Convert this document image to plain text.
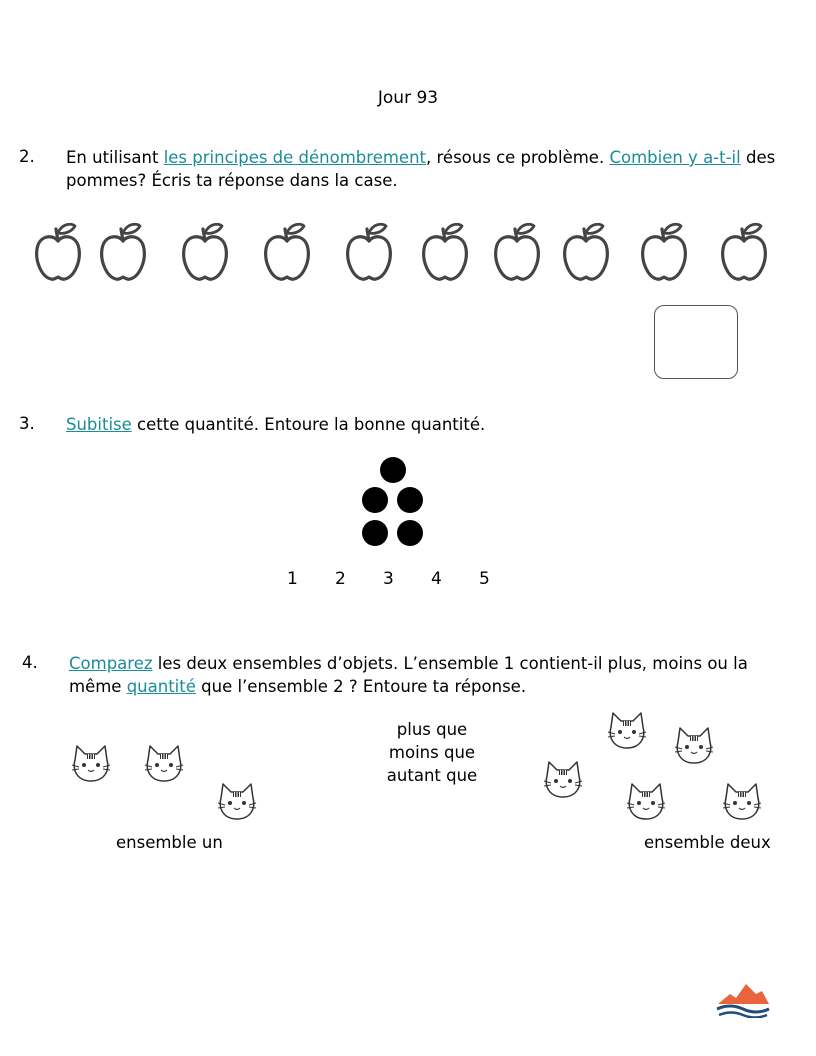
Jour 93
2. En utilisant les principes de dénombrement, résous ce problème. Combien y a-t-il des pommes? Écris ta réponse dans la case.
3. Subitise cette quantité. Entoure la bonne quantité.
1 2 3 4 5
4. Comparez les deux ensembles d’objets. L’ensemble 1 contient-il plus, moins ou la même quantité que l’ensemble 2 ? Entoure ta réponse.
plus que
moins que
autant que
ensemble un	ensemble deux
